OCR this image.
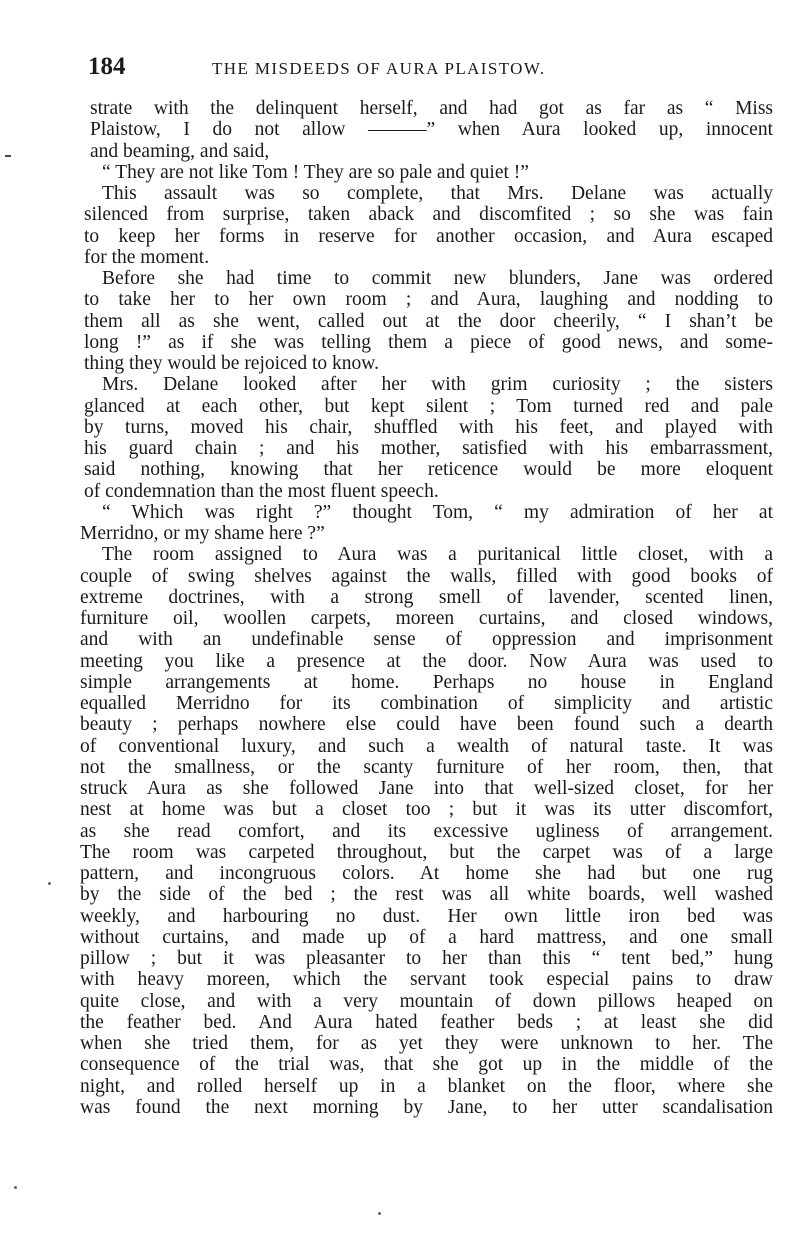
184	THE MISDEEDS OF AURA PLAISTOW.
strate with the delinquent herself, and had got as far as “ Miss
Plaistow, I do not allow ———” when Aura looked up, innocent
and beaming, and said,
“ They are not like Tom ! They are so pale and quiet !”
This assault was so complete, that Mrs. Delane was actually
silenced from surprise, taken aback and discomfited ; so she was fain
to keep her forms in reserve for another occasion, and Aura escaped
for the moment.
Before she had time to commit new blunders, Jane was ordered
to take her to her own room ; and Aura, laughing and nodding to
them all as she went, called out at the door cheerily, “ I shan’t be
long !” as if she was telling them a piece of good news, and some-
thing they would be rejoiced to know.
Mrs. Delane looked after her with grim curiosity ; the sisters
glanced at each other, but kept silent ; Tom turned red and pale
by turns, moved his chair, shuffled with his feet, and played with
his guard chain ; and his mother, satisfied with his embarrassment,
said nothing, knowing that her reticence would be more eloquent
of condemnation than the most fluent speech.
“ Which was right ?” thought Tom, “ my admiration of her at
Merridno, or my shame here ?”
The room assigned to Aura was a puritanical little closet, with a
couple of swing shelves against the walls, filled with good books of
extreme doctrines, with a strong smell of lavender, scented linen,
furniture oil, woollen carpets, moreen curtains, and closed windows,
and with an undefinable sense of oppression and imprisonment
meeting you like a presence at the door. Now Aura was used to
simple arrangements at home. Perhaps no house in England
equalled Merridno for its combination of simplicity and artistic
beauty ; perhaps nowhere else could have been found such a dearth
of conventional luxury, and such a wealth of natural taste. It was
not the smallness, or the scanty furniture of her room, then, that
struck Aura as she followed Jane into that well-sized closet, for her
nest at home was but a closet too ; but it was its utter discomfort,
as she read comfort, and its excessive ugliness of arrangement.
The room was carpeted throughout, but the carpet was of a large
pattern, and incongruous colors. At home she had but one rug
by the side of the bed ; the rest was all white boards, well washed
weekly, and harbouring no dust. Her own little iron bed was
without curtains, and made up of a hard mattress, and one small
pillow ; but it was pleasanter to her than this “ tent bed,” hung
with heavy moreen, which the servant took especial pains to draw
quite close, and with a very mountain of down pillows heaped on
the feather bed. And Aura hated feather beds ; at least she did
when she tried them, for as yet they were unknown to her. The
consequence of the trial was, that she got up in the middle of the
night, and rolled herself up in a blanket on the floor, where she
was found the next morning by Jane, to her utter scandalisation
